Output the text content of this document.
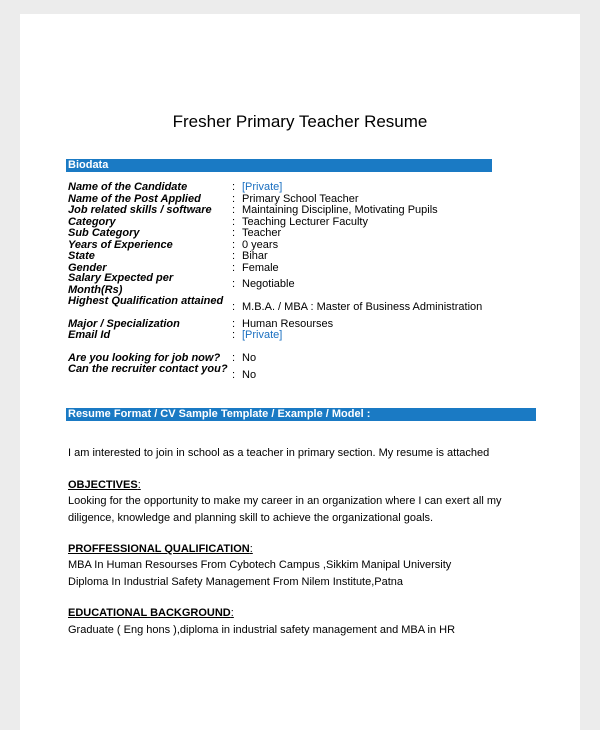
Fresher Primary Teacher Resume
Biodata
Name of the Candidate	: [Private]
Name of the Post Applied	: Primary School Teacher
Job related skills / software	: Maintaining Discipline, Motivating Pupils
Category	: Teaching Lecturer Faculty
Sub Category	: Teacher
Years of Experience	: 0 years
State	: Bihar
Gender	: Female
Salary Expected per Month(Rs)	: Negotiable
Highest Qualification attained : M.B.A. / MBA : Master of Business Administration
Major / Specialization	: Human Resourses
Email Id	: [Private]
Are you looking for job now?	: No
Can the recruiter contact you? : No
Resume Format / CV Sample Template / Example / Model :
I am interested to join in school as a teacher in primary section. My resume is attached
OBJECTIVES:
Looking for the opportunity to make my career in an organization where I can exert all my
diligence, knowledge and planning skill to achieve the organizational goals.
PROFFESSIONAL QUALIFICATION:
MBA In Human Resourses From Cybotech Campus ,Sikkim Manipal University
Diploma In Industrial Safety Management From Nilem Institute,Patna
EDUCATIONAL BACKGROUND:
Graduate ( Eng hons ),diploma in industrial safety management and MBA in HR
